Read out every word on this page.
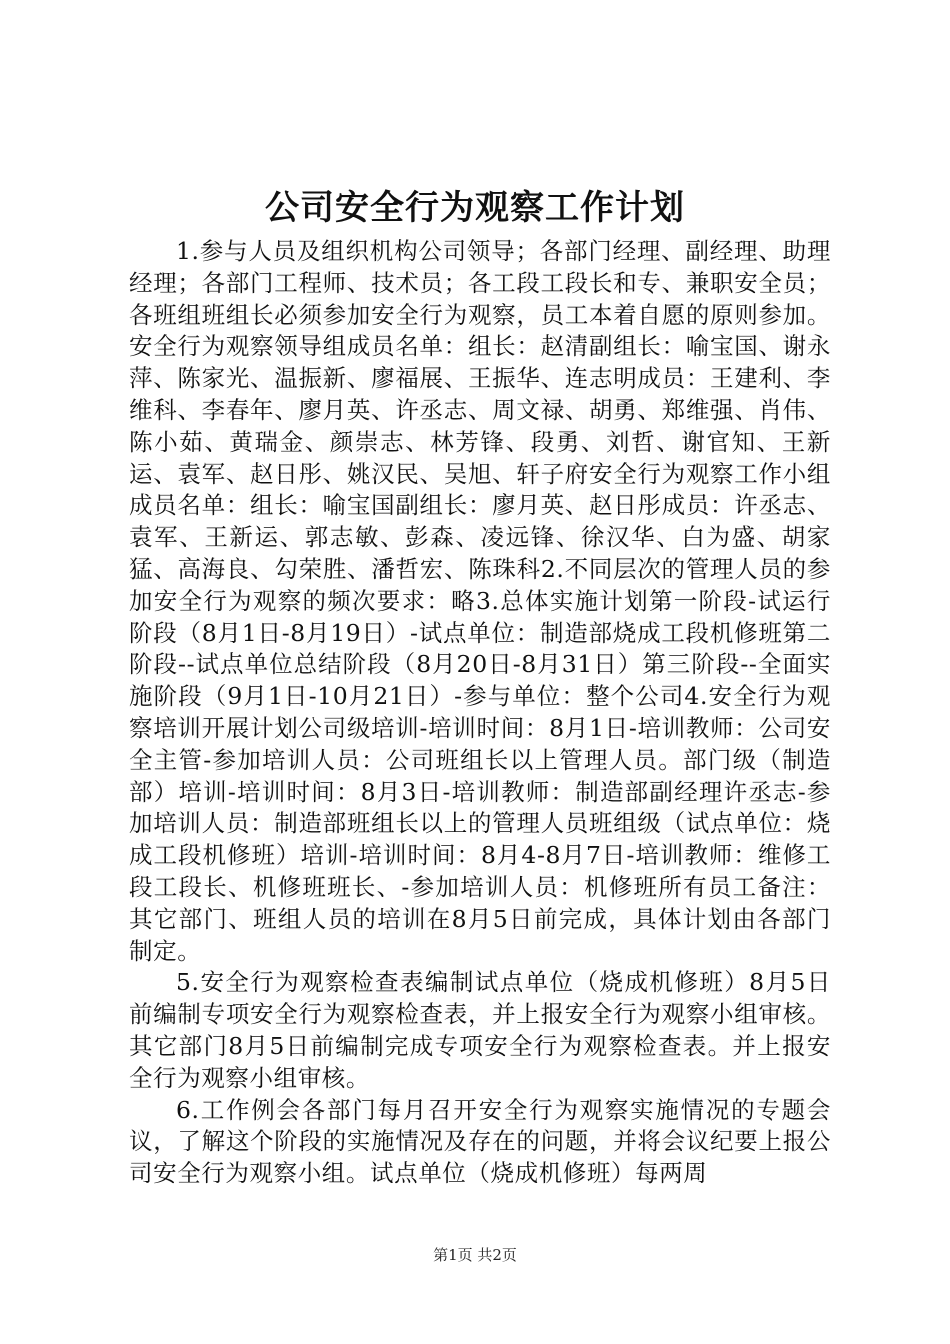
公司安全行为观察工作计划

1.参与人员及组织机构公司领导；各部门经理、副经理、助理经理；各部门工程师、技术员；各工段工段长和专、兼职安全员；各班组班组长必须参加安全行为观察，员工本着自愿的原则参加。安全行为观察领导组成员名单：组长：赵清副组长：喻宝国、谢永萍、陈家光、温振新、廖福展、王振华、连志明成员：王建利、李维科、李春年、廖月英、许丞志、周文禄、胡勇、郑维强、肖伟、陈小茹、黄瑞金、颜崇志、林芳锋、段勇、刘哲、谢官知、王新运、袁军、赵日彤、姚汉民、吴旭、轩子府安全行为观察工作小组成员名单：组长：喻宝国副组长：廖月英、赵日彤成员：许丞志、袁军、王新运、郭志敏、彭森、凌远锋、徐汉华、白为盛、胡家猛、高海良、勾荣胜、潘哲宏、陈珠科2.不同层次的管理人员的参加安全行为观察的频次要求：略3.总体实施计划第一阶段-试运行阶段（8月1日-8月19日）-试点单位：制造部烧成工段机修班第二阶段--试点单位总结阶段（8月20日-8月31日）第三阶段--全面实施阶段（9月1日-10月21日）-参与单位：整个公司4.安全行为观察培训开展计划公司级培训-培训时间：8月1日-培训教师：公司安全主管-参加培训人员：公司班组长以上管理人员。部门级（制造部）培训-培训时间：8月3日-培训教师：制造部副经理许丞志-参加培训人员：制造部班组长以上的管理人员班组级（试点单位：烧成工段机修班）培训-培训时间：8月4-8月7日-培训教师：维修工段工段长、机修班班长、-参加培训人员：机修班所有员工备注：其它部门、班组人员的培训在8月5日前完成，具体计划由各部门制定。

5.安全行为观察检查表编制试点单位（烧成机修班）8月5日前编制专项安全行为观察检查表，并上报安全行为观察小组审核。其它部门8月5日前编制完成专项安全行为观察检查表。并上报安全行为观察小组审核。

6.工作例会各部门每月召开安全行为观察实施情况的专题会议，了解这个阶段的实施情况及存在的问题，并将会议纪要上报公司安全行为观察小组。试点单位（烧成机修班）每两周

第1页 共2页
